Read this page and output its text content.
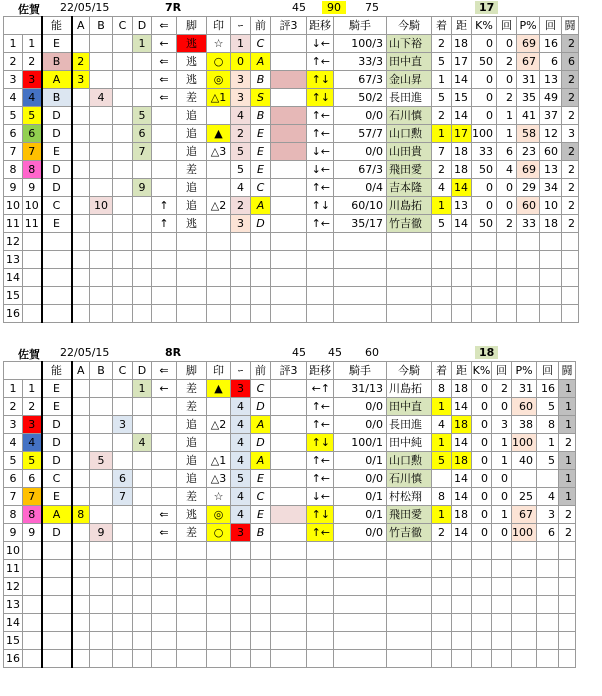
佐賀 22/05/15	7R	45	90	75	17
		能	A	B	C	D	⇐	脚	印	ｰ	前	評3	距移	騎手	今騎	着	距	K%	回	P%	回	闘
1	1	E				1	←	逃	☆	1	C		↓←	100/3	山下裕	2	18	0	0	69	16	2
2	2	B	2				⇐	逃	○	0	A		↑←	33/3	田中直	5	17	50	2	67	6	6
3	3	A	3				⇐	逃	◎	3	B		↑↓	67/3	金山昇	1	14	0	0	31	13	2
4	4	B		4			⇐	差	△1	3	S		↑↓	50/2	長田進	5	15	0	2	35	49	2
5	5	D				5		追		4	B		↑←	0/0	石川慎	2	14	0	1	41	37	2
6	6	D				6		追	▲	2	E		↑←	57/7	山口勲	1	17	100	1	58	12	3
7	7	E				7		追	△3	5	E		↓←	0/0	山田貴	7	18	33	6	23	60	2
8	8	D						差		5	E		↓←	67/3	飛田愛	2	18	50	4	69	13	2
9	9	D				9		追		4	C		↑←	0/4	吉本隆	4	14	0	0	29	34	2
10	10	C		10			↑	追	△2	2	A		↑↓	60/10	川島拓	1	13	0	0	60	10	2
11	11	E					↑	逃		3	D		↑←	35/17	竹吉徹	5	14	50	2	33	18	2
12																						
13																						
14																						
15																						
16																						
佐賀 22/05/15	8R	45 45 60	18
		能	A	B	C	D	⇐	脚	印	ｰ	前	評3	距移	騎手	今騎	着	距	K%	回	P%	回	闘
1	1	E				1	←	差	▲	3	C		←↑	31/13	川島拓	8	18	0	2	31	16	1
2	2	E						差		4	D		↑←	0/0	田中直	1	14	0	0	60	5	1
3	3	D			3			追	△2	4	A		↑←	0/0	長田進	4	18	0	3	38	8	1
4	4	D				4		追		4	D		↑↓	100/1	田中純	1	14	0	1	100	1	2
5	5	D		5				追	△1	4	A		↑←	0/1	山口勲	5	18	0	1	40	5	1
6	6	C			6			追	△3	5	E		↑←	0/0	石川慎		14	0	0			1
7	7	E			7			差	☆	4	C		↓←	0/1	村松翔	8	14	0	0	25	4	1
8	8	A	8				⇐	逃	◎	4	E		↑↓	0/1	飛田愛	1	18	0	1	67	3	2
9	9	D		9			⇐	差	○	3	B		↑←	0/0	竹吉徹	2	14	0	0	100	6	2
10																						
11																						
12																						
13																						
14																						
15																						
16																						
